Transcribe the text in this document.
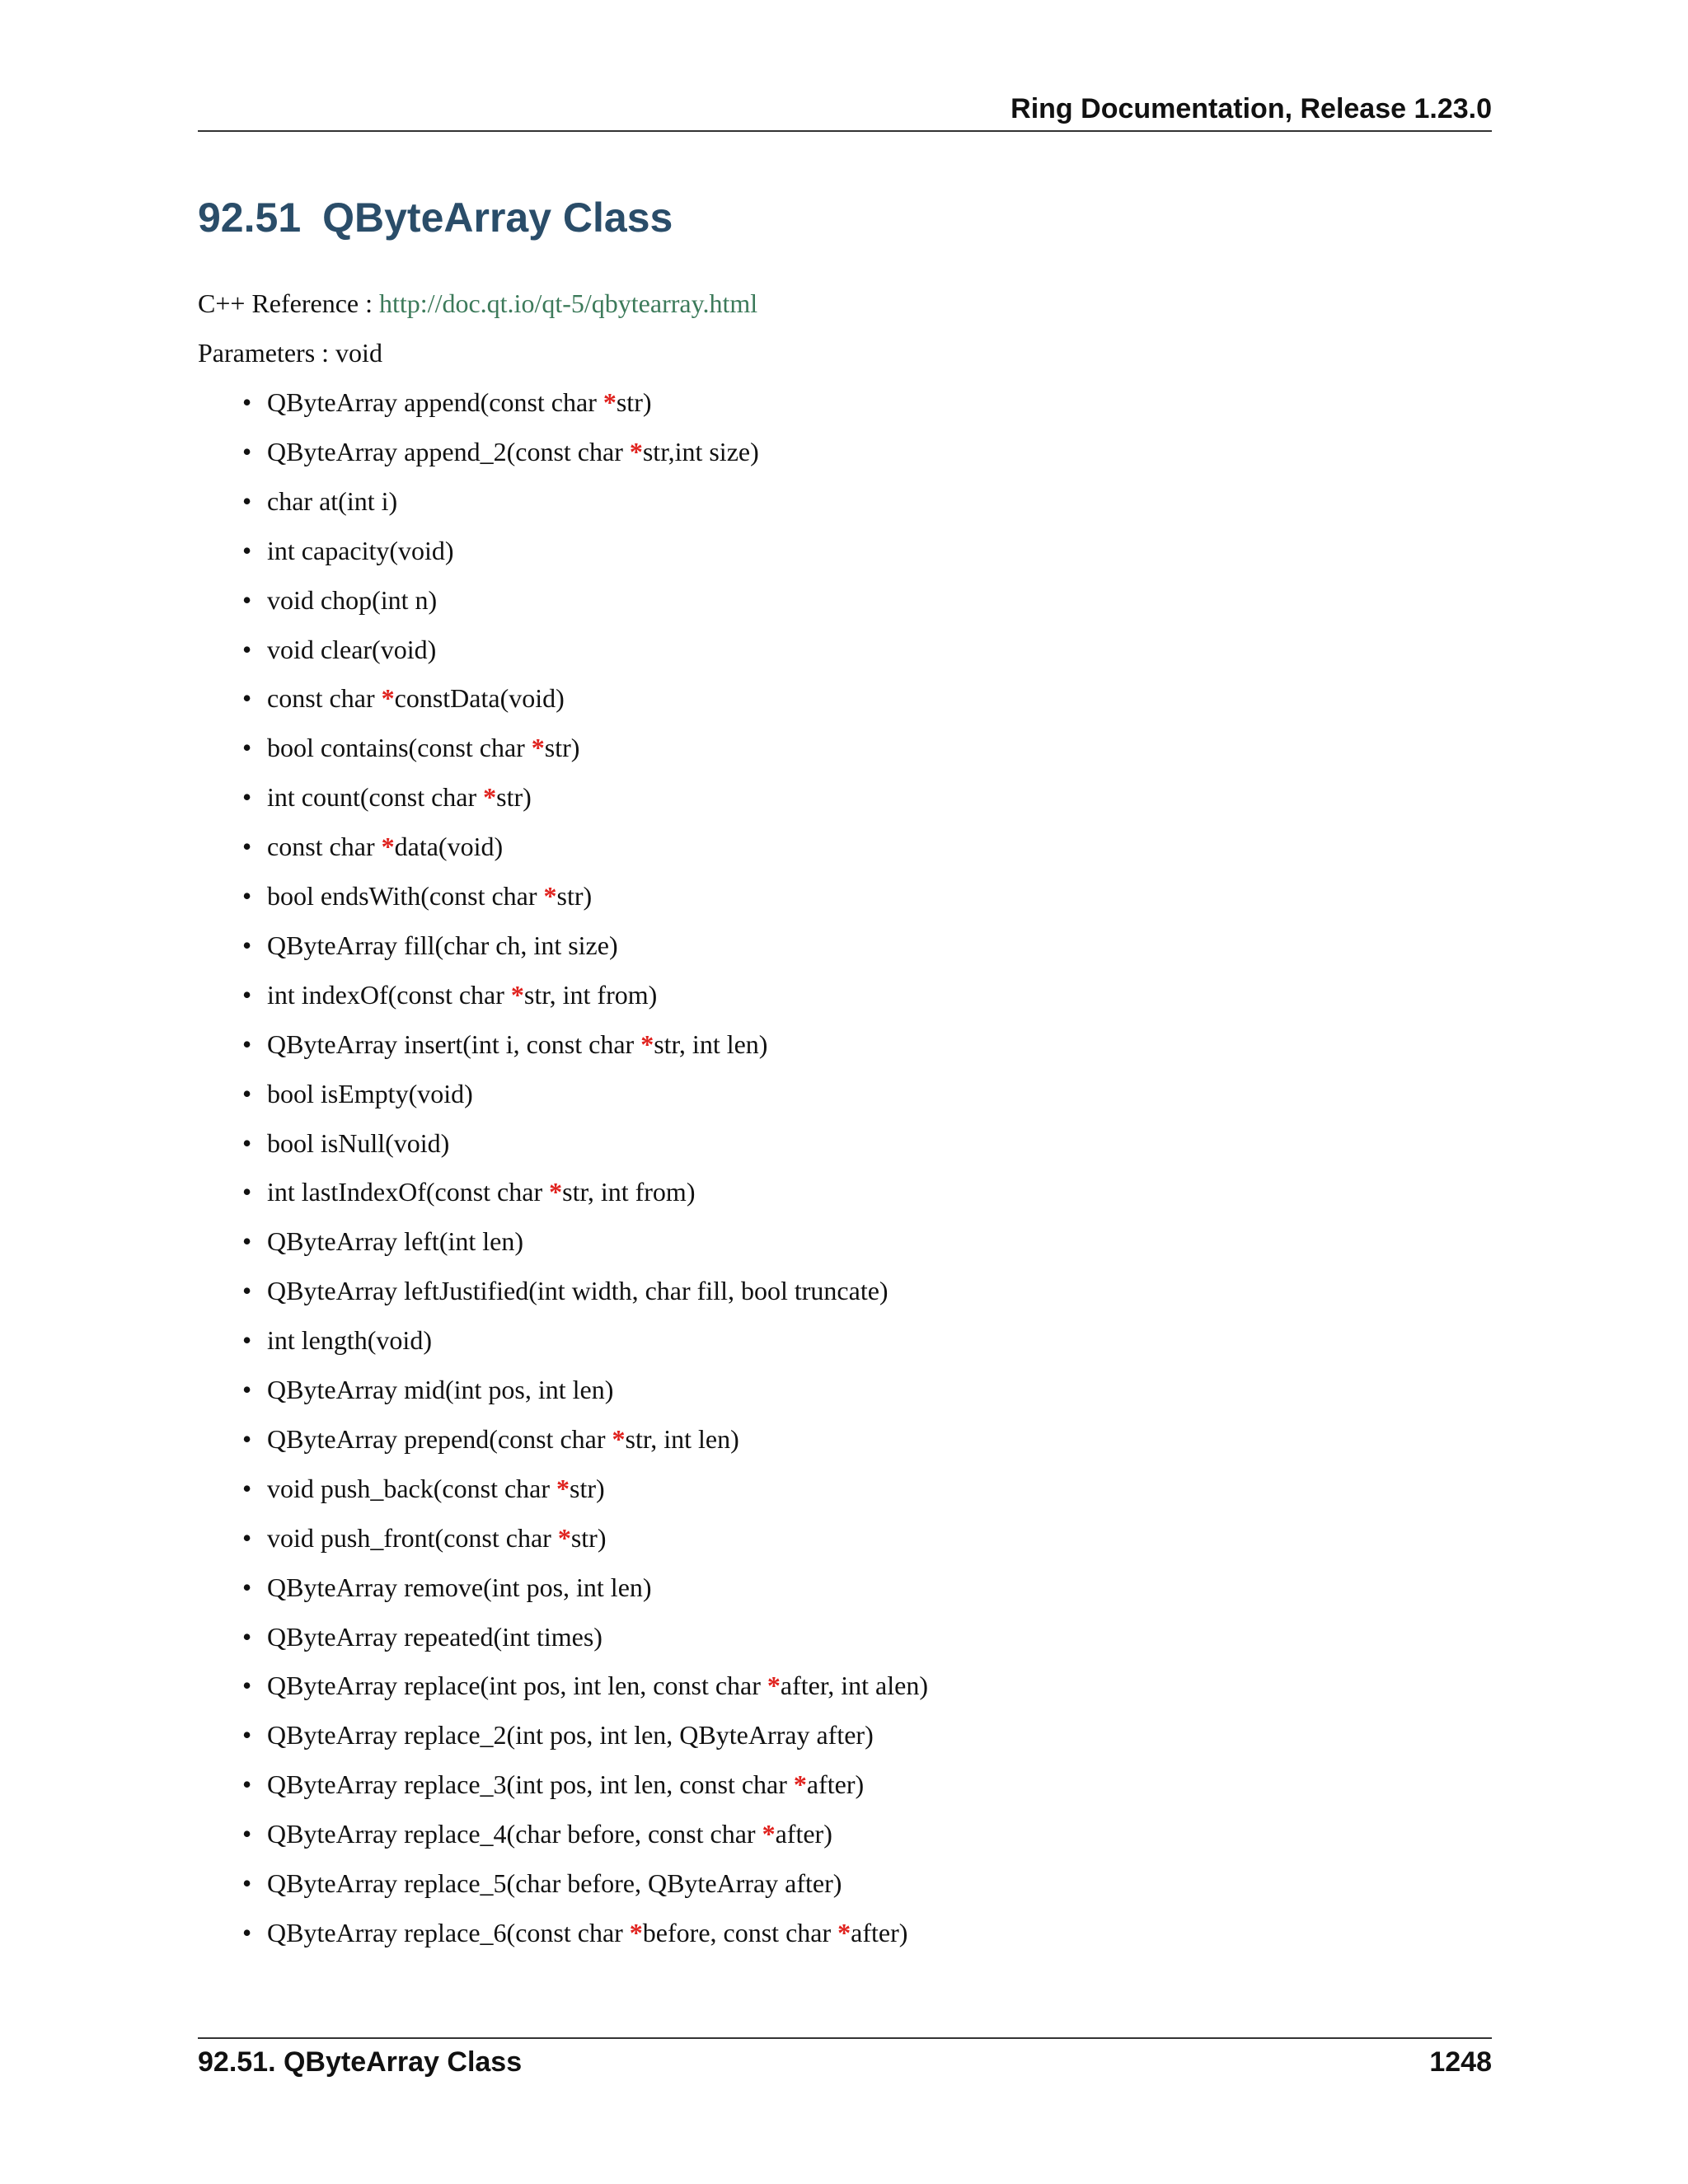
Ring Documentation, Release 1.23.0
92.51 QByteArray Class
C++ Reference : http://doc.qt.io/qt-5/qbytearray.html
Parameters : void
• QByteArray append(const char *str)
• QByteArray append_2(const char *str,int size)
• char at(int i)
• int capacity(void)
• void chop(int n)
• void clear(void)
• const char *constData(void)
• bool contains(const char *str)
• int count(const char *str)
• const char *data(void)
• bool endsWith(const char *str)
• QByteArray fill(char ch, int size)
• int indexOf(const char *str, int from)
• QByteArray insert(int i, const char *str, int len)
• bool isEmpty(void)
• bool isNull(void)
• int lastIndexOf(const char *str, int from)
• QByteArray left(int len)
• QByteArray leftJustified(int width, char fill, bool truncate)
• int length(void)
• QByteArray mid(int pos, int len)
• QByteArray prepend(const char *str, int len)
• void push_back(const char *str)
• void push_front(const char *str)
• QByteArray remove(int pos, int len)
• QByteArray repeated(int times)
• QByteArray replace(int pos, int len, const char *after, int alen)
• QByteArray replace_2(int pos, int len, QByteArray after)
• QByteArray replace_3(int pos, int len, const char *after)
• QByteArray replace_4(char before, const char *after)
• QByteArray replace_5(char before, QByteArray after)
• QByteArray replace_6(const char *before, const char *after)
92.51. QByteArray Class	1248
